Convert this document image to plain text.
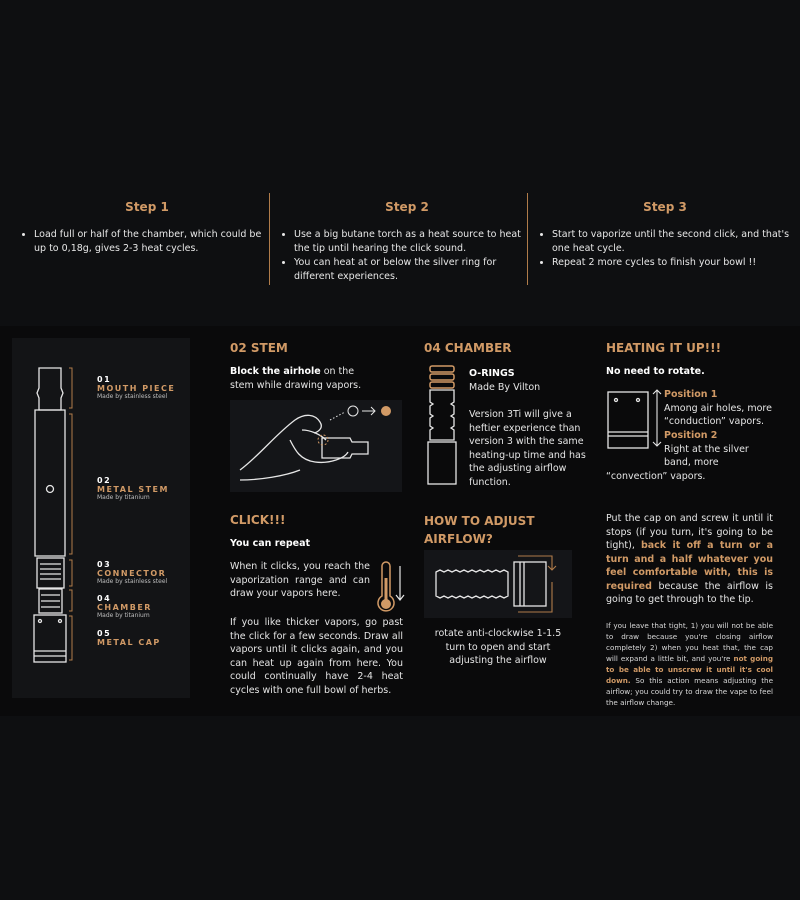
Step 1
• Load full or half of the chamber, which could be up to 0,18g, gives 2-3 heat cycles.
Step 2
• Use a big butane torch as a heat source to heat the tip until hearing the click sound.
• You can heat at or below the silver ring for different experiences.
Step 3
• Start to vaporize until the second click, and that's one heat cycle.
• Repeat 2 more cycles to finish your bowl !!
01
MOUTH PIECE
Made by stainless steel
02
METAL STEM
Made by titanium
03
CONNECTOR
Made by stainless steel
04
CHAMBER
Made by titanium
05
METAL CAP
02 STEM
Block the airhole on the stem while drawing vapors.
CLICK!!!
You can repeat
When it clicks, you reach the vaporization range and can draw your vapors here.
If you like thicker vapors, go past the click for a few seconds. Draw all vapors until it clicks again, and you can heat up again from here. You could continually have 2-4 heat cycles with one full bowl of herbs.
04 CHAMBER
O-RINGS
Made By Vilton
Version 3Ti will give a heftier experience than version 3 with the same heating-up time and has the adjusting airflow function.
HOW TO ADJUST
AIRFLOW?
rotate anti-clockwise 1-1.5 turn to open and start adjusting the airflow
HEATING IT UP!!!
No need to rotate.
Position 1
Among air holes, more “conduction” vapors.
Position 2
Right at the silver band, more
“convection” vapors.
Put the cap on and screw it until it stops (if you turn, it's going to be tight), back it off a turn or a turn and a half whatever you feel comfortable with, this is required because the airflow is going to get through to the tip.
If you leave that tight, 1) you will not be able to draw because you're closing airflow completely 2) when you heat that, the cap will expand a little bit, and you're not going to be able to unscrew it until it's cool down. So this action means adjusting the airflow; you could try to draw the vape to feel the airflow change.
